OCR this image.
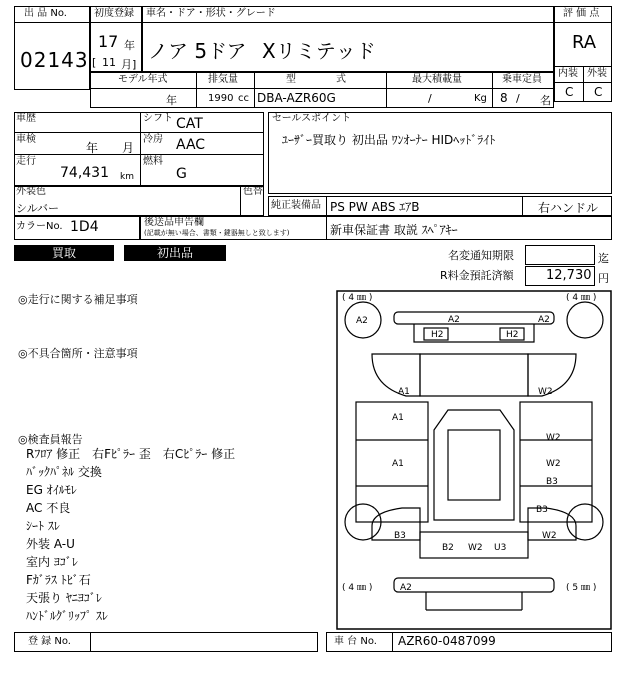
出 品 No.
02143
初度登録
17 年
[ 11 月]
車名・ドア・形状・グレード
ノア 5ドア Xリミテッド
評 価 点
RA
内装 外装
C C
モデル年式
年
排気量
1990 cc
型　　　　式
DBA-AZR60G
最大積載量
/	Kg
乗車定員
8 / 名
車歴	シフト CAT
車検
年 月
冷房 AAC
走行
74,431 km
燃料
G
セールスポイント
ﾕｰｻﾞｰ買取り 初出品 ﾜﾝｵｰﾅｰ HIDﾍｯﾄﾞﾗｲﾄ
外装色
シルバー
色替
純正装備品 PS PW ABS ｴｱB	右ハンドル
カラーNo. 1D4	後送品申告欄
(記載が無い場合、書類・鍵器無しと致します)	新車保証書 取説 ｽﾍﾟｱｷｰ
買取	初出品	名変通知期限	迄
R料金預託済額 12,730 円
◎走行に関する補足事項
◎不具合箇所・注意事項
◎検査員報告
Rﾌﾛｱ 修正　右Fﾋﾟﾗｰ 歪　右Cﾋﾟﾗｰ 修正
ﾊﾞｯｸﾊﾟﾈﾙ 交換
EG ｵｲﾙﾓﾚ
AC 不良
ｼｰﾄ ｽﾚ
外装 A-U
室内 ﾖｺﾞﾚ
Fｶﾞﾗｽ ﾄﾋﾞ石
天張り ﾔﾆﾖｺﾞﾚ
ﾊﾝﾄﾞﾙｸﾞﾘｯﾌﾟ ｽﾚ
( 4 ㎜ )	( 4 ㎜ )
( 4 ㎜ )	( 5 ㎜ )
A2	A2	A2
H2	H2
A1	W2
A1
W2
A1	W2
B3
B3
W2
B3
B2 W2 U3
A2
登 録 No.	車 台 No. AZR60-0487099
